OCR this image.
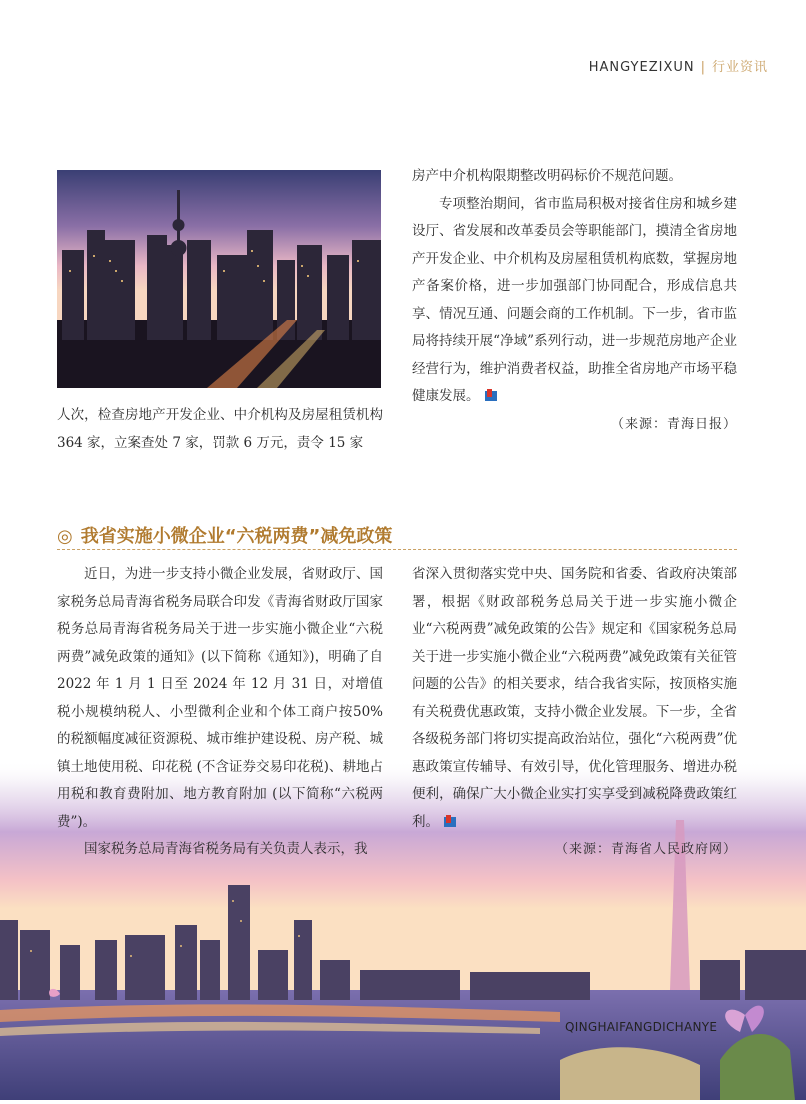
HANGYEZIXUN | 行业资讯

人次，检查房地产开发企业、中介机构及房屋租赁机构 364 家，立案查处 7 家，罚款 6 万元，责令 15 家

房产中介机构限期整改明码标价不规范问题。

专项整治期间，省市监局积极对接省住房和城乡建设厅、省发展和改革委员会等职能部门，摸清全省房地产开发企业、中介机构及房屋租赁机构底数，掌握房地产备案价格，进一步加强部门协同配合，形成信息共享、情况互通、问题会商的工作机制。下一步，省市监局将持续开展“净域”系列行动，进一步规范房地产企业经营行为，维护消费者权益，助推全省房地产市场平稳健康发展。

（来源：青海日报）

◎ 我省实施小微企业“六税两费”减免政策

近日，为进一步支持小微企业发展，省财政厅、国家税务总局青海省税务局联合印发《青海省财政厅国家税务总局青海省税务局关于进一步实施小微企业“六税两费”减免政策的通知》(以下简称《通知》)，明确了自 2022 年 1 月 1 日至 2024 年 12 月 31 日，对增值税小规模纳税人、小型微利企业和个体工商户按50% 的税额幅度减征资源税、城市维护建设税、房产税、城镇土地使用税、印花税 (不含证券交易印花税)、耕地占用税和教育费附加、地方教育附加 (以下简称“六税两费”)。

国家税务总局青海省税务局有关负责人表示，我

省深入贯彻落实党中央、国务院和省委、省政府决策部署，根据《财政部税务总局关于进一步实施小微企业“六税两费”减免政策的公告》规定和《国家税务总局关于进一步实施小微企业“六税两费”减免政策有关征管问题的公告》的相关要求，结合我省实际，按顶格实施有关税费优惠政策，支持小微企业发展。下一步，全省各级税务部门将切实提高政治站位，强化“六税两费”优惠政策宣传辅导、有效引导，优化管理服务、增进办税便利，确保广大小微企业实打实享受到减税降费政策红利。

（来源：青海省人民政府网）

QINGHAIFANGDICHANYE
